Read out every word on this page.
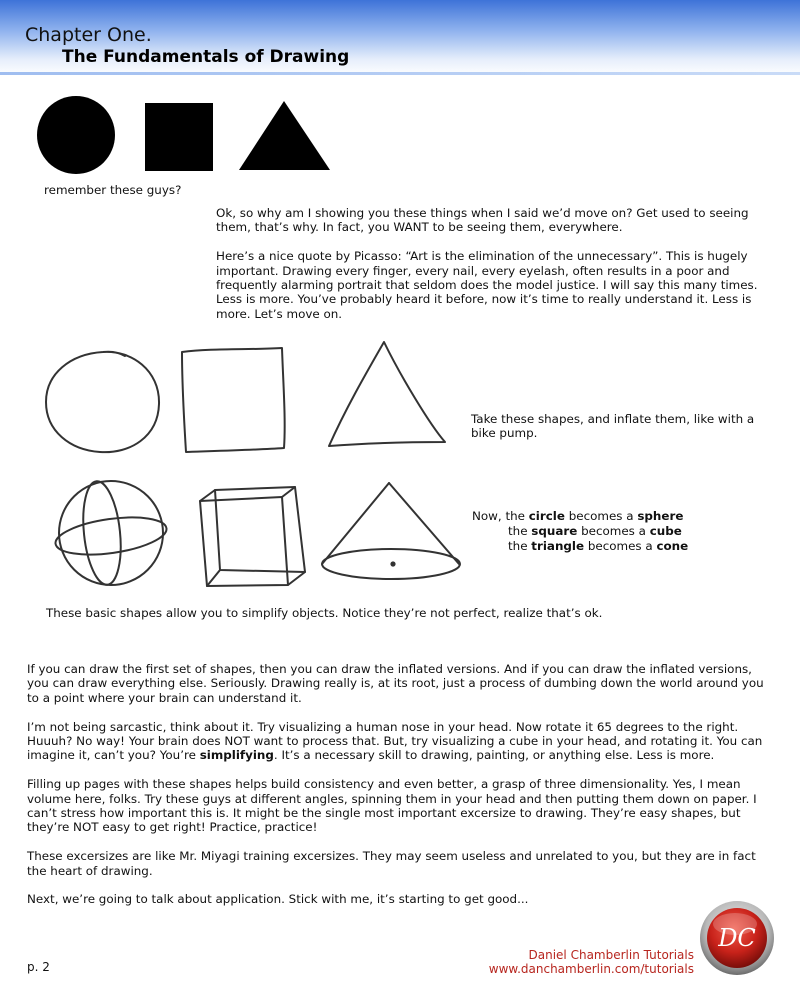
Chapter One.
The Fundamentals of Drawing
remember these guys?

Ok, so why am I showing you these things when I said we’d move on? Get used to seeing them, that’s why. In fact, you WANT to be seeing them, everywhere.

Here’s a nice quote by Picasso: “Art is the elimination of the unnecessary”. This is hugely important. Drawing every finger, every nail, every eyelash, often results in a poor and frequently alarming portrait that seldom does the model justice. I will say this many times. Less is more. You’ve probably heard it before, now it’s time to really understand it. Less is more. Let’s move on.

Take these shapes, and inflate them, like with a bike pump.
Now, the circle becomes a sphere
the square becomes a cube
the triangle becomes a cone
These basic shapes allow you to simplify objects. Notice they’re not perfect, realize that’s ok.

If you can draw the first set of shapes, then you can draw the inflated versions. And if you can draw the inflated versions, you can draw everything else. Seriously. Drawing really is, at its root, just a process of dumbing down the world around you to a point where your brain can understand it.

I’m not being sarcastic, think about it. Try visualizing a human nose in your head. Now rotate it 65 degrees to the right. Huuuh? No way! Your brain does NOT want to process that. But, try visualizing a cube in your head, and rotating it. You can imagine it, can’t you? You’re simplifying. It’s a necessary skill to drawing, painting, or anything else. Less is more.

Filling up pages with these shapes helps build consistency and even better, a grasp of three dimensionality. Yes, I mean volume here, folks. Try these guys at different angles, spinning them in your head and then putting them down on paper. I can’t stress how important this is. It might be the single most important excersize to drawing. They’re easy shapes, but they’re NOT easy to get right! Practice, practice!

These excersizes are like Mr. Miyagi training excersizes. They may seem useless and unrelated to you, but they are in fact the heart of drawing.

Next, we’re going to talk about application. Stick with me, it’s starting to get good...

p. 2
Daniel Chamberlin Tutorials
www.danchamberlin.com/tutorials
DC
